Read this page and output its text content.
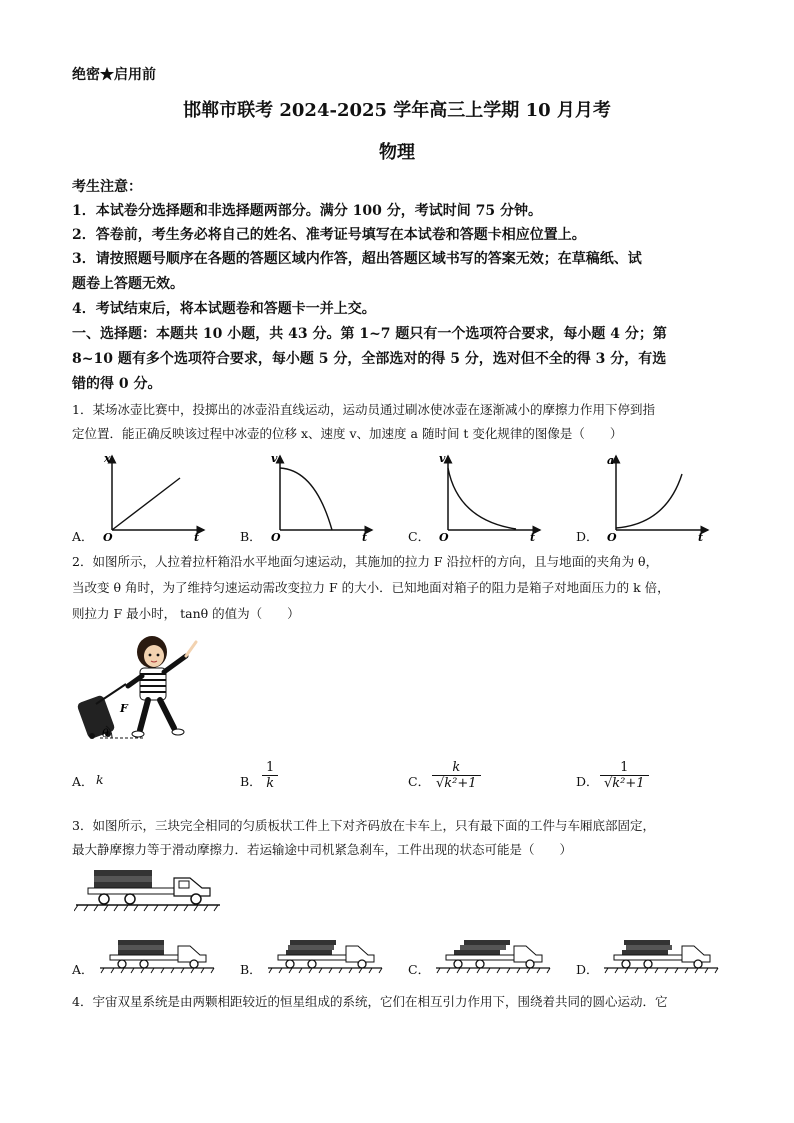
绝密★启用前
邯郸市联考 2024-2025 学年高三上学期 10 月月考
物理
考生注意：
1．本试卷分选择题和非选择题两部分。满分 100 分，考试时间 75 分钟。
2．答卷前，考生务必将自己的姓名、准考证号填写在本试卷和答题卡相应位置上。
3．请按照题号顺序在各题的答题区域内作答，超出答题区域书写的答案无效；在草稿纸、试
题卷上答题无效。
4．考试结束后，将本试题卷和答题卡一并上交。
一、选择题：本题共 10 小题，共 43 分。第 1~7 题只有一个选项符合要求，每小题 4 分；第
8~10 题有多个选项符合要求，每小题 5 分，全部选对的得 5 分，选对但不全的得 3 分，有选
错的得 0 分。
1．某场冰壶比赛中，投掷出的冰壶沿直线运动，运动员通过刷冰使冰壶在逐渐减小的摩擦力作用下停到指
定位置．能正确反映该过程中冰壶的位移 x、速度 v、加速度 a 随时间 t 变化规律的图像是（　　）
A．	B．	C．	D．
x
t
O
v
t
O
v
t
O
a
t
O
2．如图所示，人拉着拉杆箱沿水平地面匀速运动，其施加的拉力 F 沿拉杆的方向，且与地面的夹角为 θ，
当改变 θ 角时，为了维持匀速运动需改变拉力 F 的大小．已知地面对箱子的阻力是箱子对地面压力的 k 倍，
则拉力 F 最小时， tanθ 的值为（　　）
θ
F
A． k	B． $\frac{1}{k}$	C． $\frac{k}{\text{√k²+1}}$	D． $\frac{1}{\text{√k²+1}}$
3．如图所示，三块完全相同的匀质板状工件上下对齐码放在卡车上，只有最下面的工件与车厢底部固定，
最大静摩擦力等于滑动摩擦力．若运输途中司机紧急刹车，工件出现的状态可能是（　　）
A．	B．	C．	D．
4．宇宙双星系统是由两颗相距较近的恒星组成的系统，它们在相互引力作用下，围绕着共同的圆心运动．它
